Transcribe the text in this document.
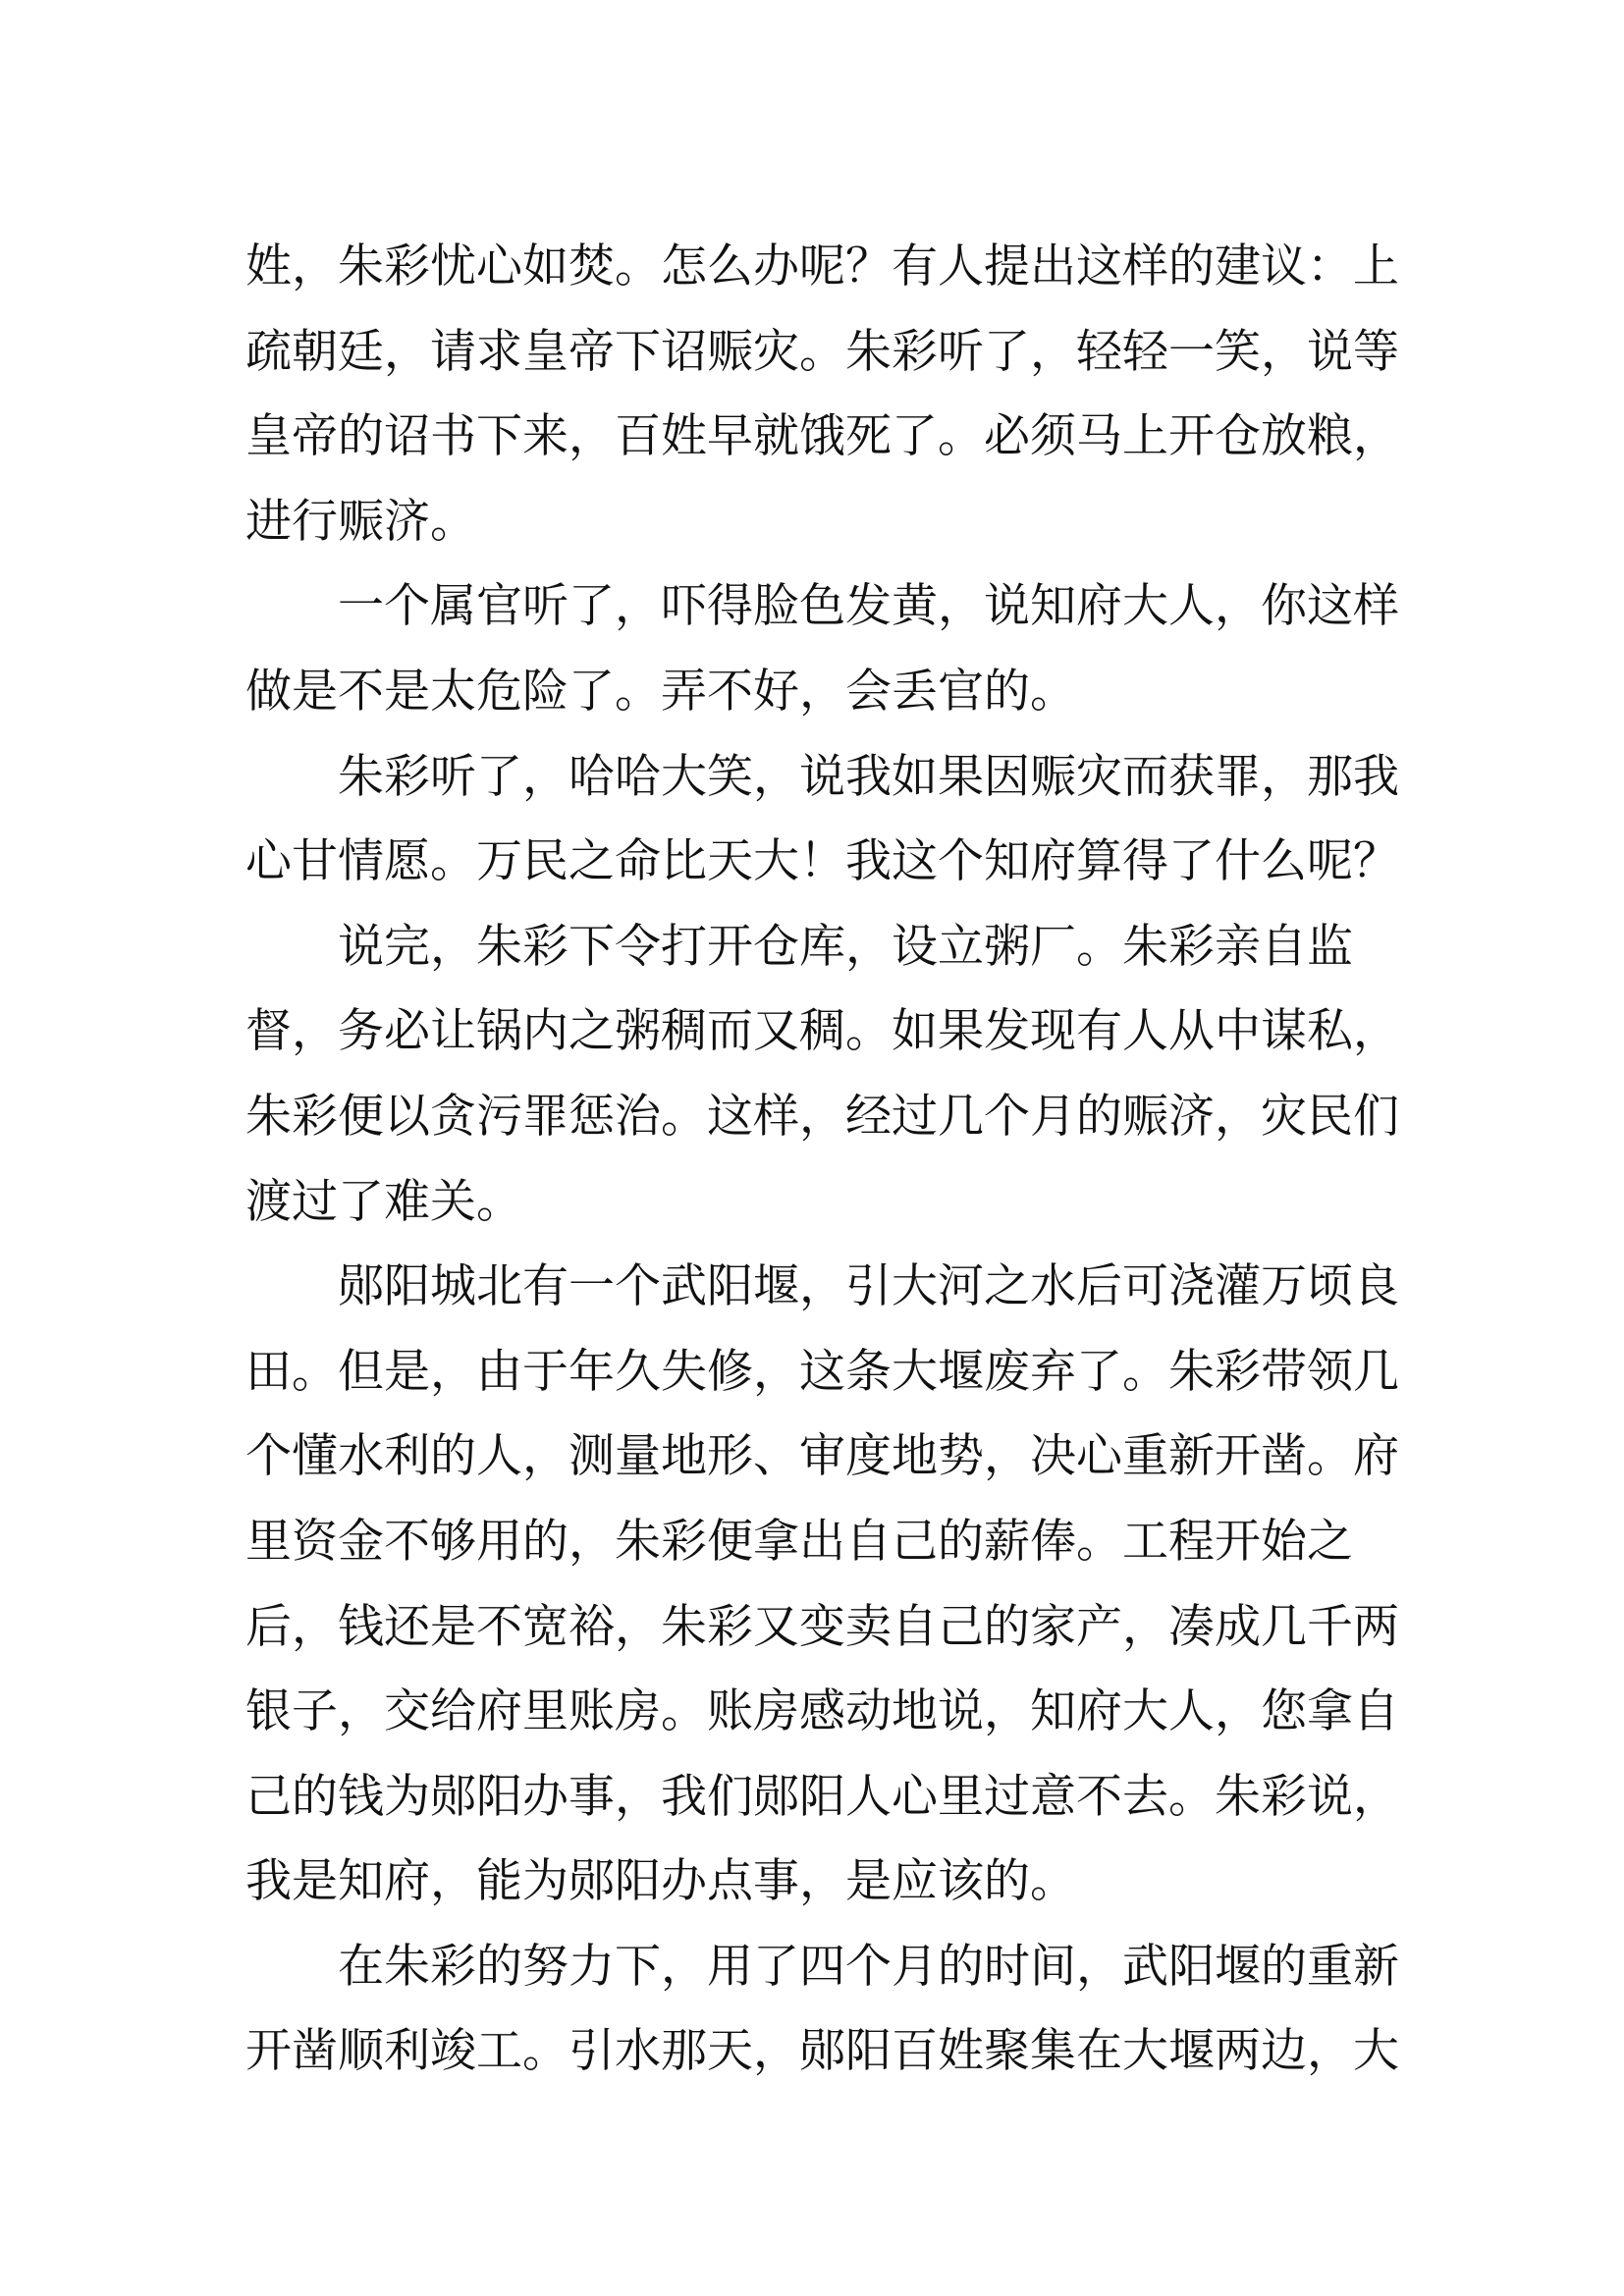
姓，朱彩忧心如焚。怎么办呢？有人提出这样的建议：上
疏朝廷，请求皇帝下诏赈灾。朱彩听了，轻轻一笑，说等
皇帝的诏书下来，百姓早就饿死了。必须马上开仓放粮，
进行赈济。
一个属官听了，吓得脸色发黄，说知府大人，你这样
做是不是太危险了。弄不好，会丢官的。
朱彩听了，哈哈大笑，说我如果因赈灾而获罪，那我
心甘情愿。万民之命比天大！我这个知府算得了什么呢？
说完，朱彩下令打开仓库，设立粥厂。朱彩亲自监
督，务必让锅内之粥稠而又稠。如果发现有人从中谋私，
朱彩便以贪污罪惩治。这样，经过几个月的赈济，灾民们
渡过了难关。
郧阳城北有一个武阳堰，引大河之水后可浇灌万顷良
田。但是，由于年久失修，这条大堰废弃了。朱彩带领几
个懂水利的人，测量地形、审度地势，决心重新开凿。府
里资金不够用的，朱彩便拿出自己的薪俸。工程开始之
后，钱还是不宽裕，朱彩又变卖自己的家产，凑成几千两
银子，交给府里账房。账房感动地说，知府大人，您拿自
己的钱为郧阳办事，我们郧阳人心里过意不去。朱彩说，
我是知府，能为郧阳办点事，是应该的。
在朱彩的努力下，用了四个月的时间，武阳堰的重新
开凿顺利竣工。引水那天，郧阳百姓聚集在大堰两边，大
